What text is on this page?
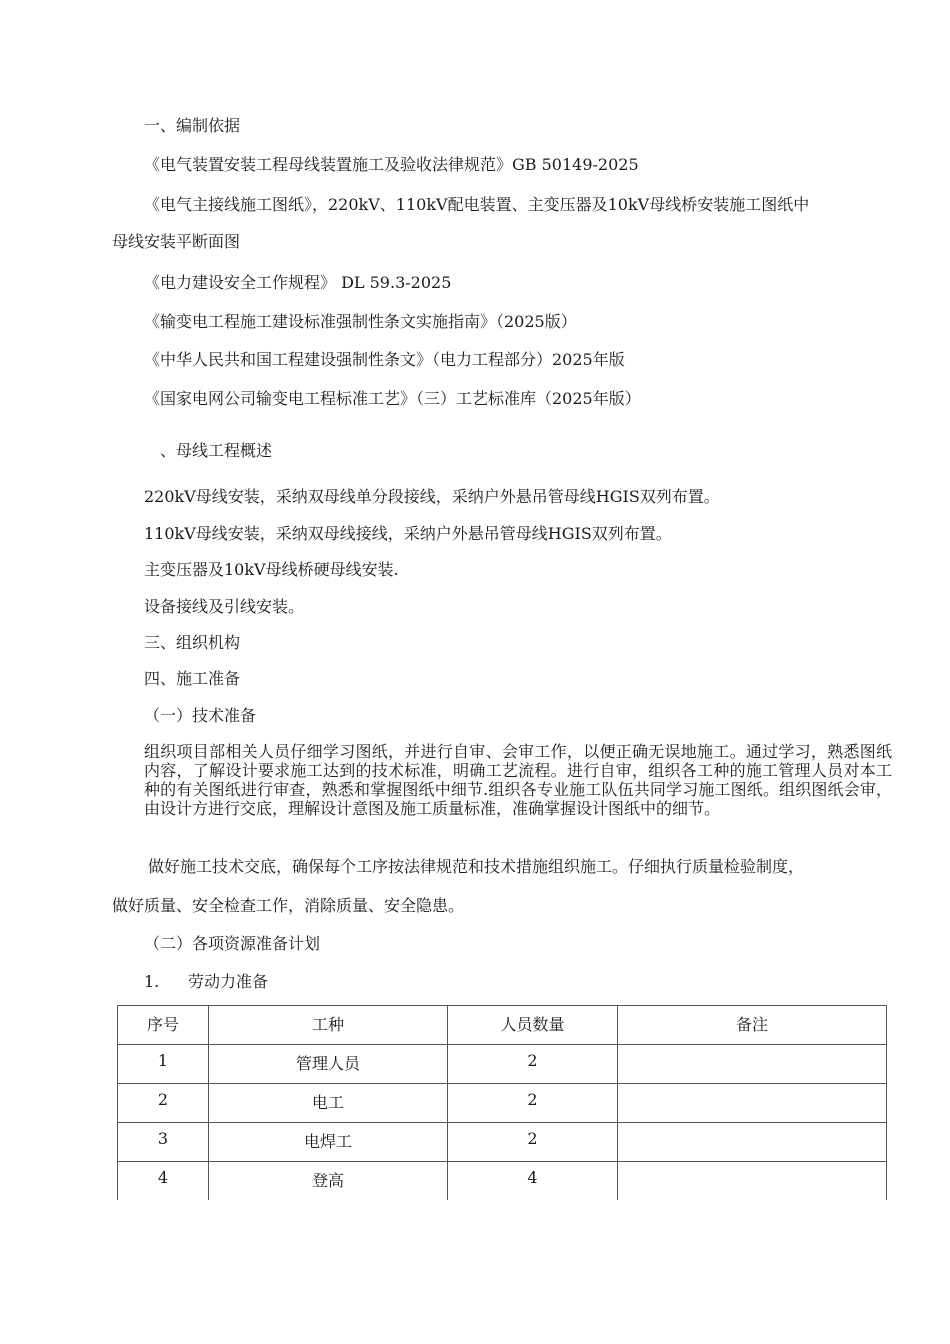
一、编制依据
《电气装置安装工程母线装置施工及验收法律规范》GB 50149-2025
《电气主接线施工图纸》，220kV、110kV配电装置、主变压器及10kV母线桥安装施工图纸中
母线安装平断面图
《电力建设安全工作规程》 DL 59.3-2025
《输变电工程施工建设标准强制性条文实施指南》（2025版）
《中华人民共和国工程建设强制性条文》（电力工程部分）2025年版
《国家电网公司输变电工程标准工艺》（三）工艺标准库（2025年版）
、母线工程概述
220kV母线安装，采纳双母线单分段接线，采纳户外悬吊管母线HGIS双列布置。
110kV母线安装，采纳双母线接线，采纳户外悬吊管母线HGIS双列布置。
主变压器及10kV母线桥硬母线安装.
设备接线及引线安装。
三、组织机构
四、施工准备
（一）技术准备
组织项目部相关人员仔细学习图纸，并进行自审、会审工作，以便正确无误地施工。通过学习，熟悉图纸内容，了解设计要求施工达到的技术标准，明确工艺流程。进行自审，组织各工种的施工管理人员对本工种的有关图纸进行审查，熟悉和掌握图纸中细节.组织各专业施工队伍共同学习施工图纸。组织图纸会审，由设计方进行交底，理解设计意图及施工质量标准，准确掌握设计图纸中的细节。
做好施工技术交底，确保每个工序按法律规范和技术措施组织施工。仔细执行质量检验制度，
做好质量、安全检查工作，消除质量、安全隐患。
（二）各项资源准备计划
1. 劳动力准备
序号	工种	人员数量	备注
1	管理人员	2	
2	电工	2	
3	电焊工	2	
4	登高	4	
